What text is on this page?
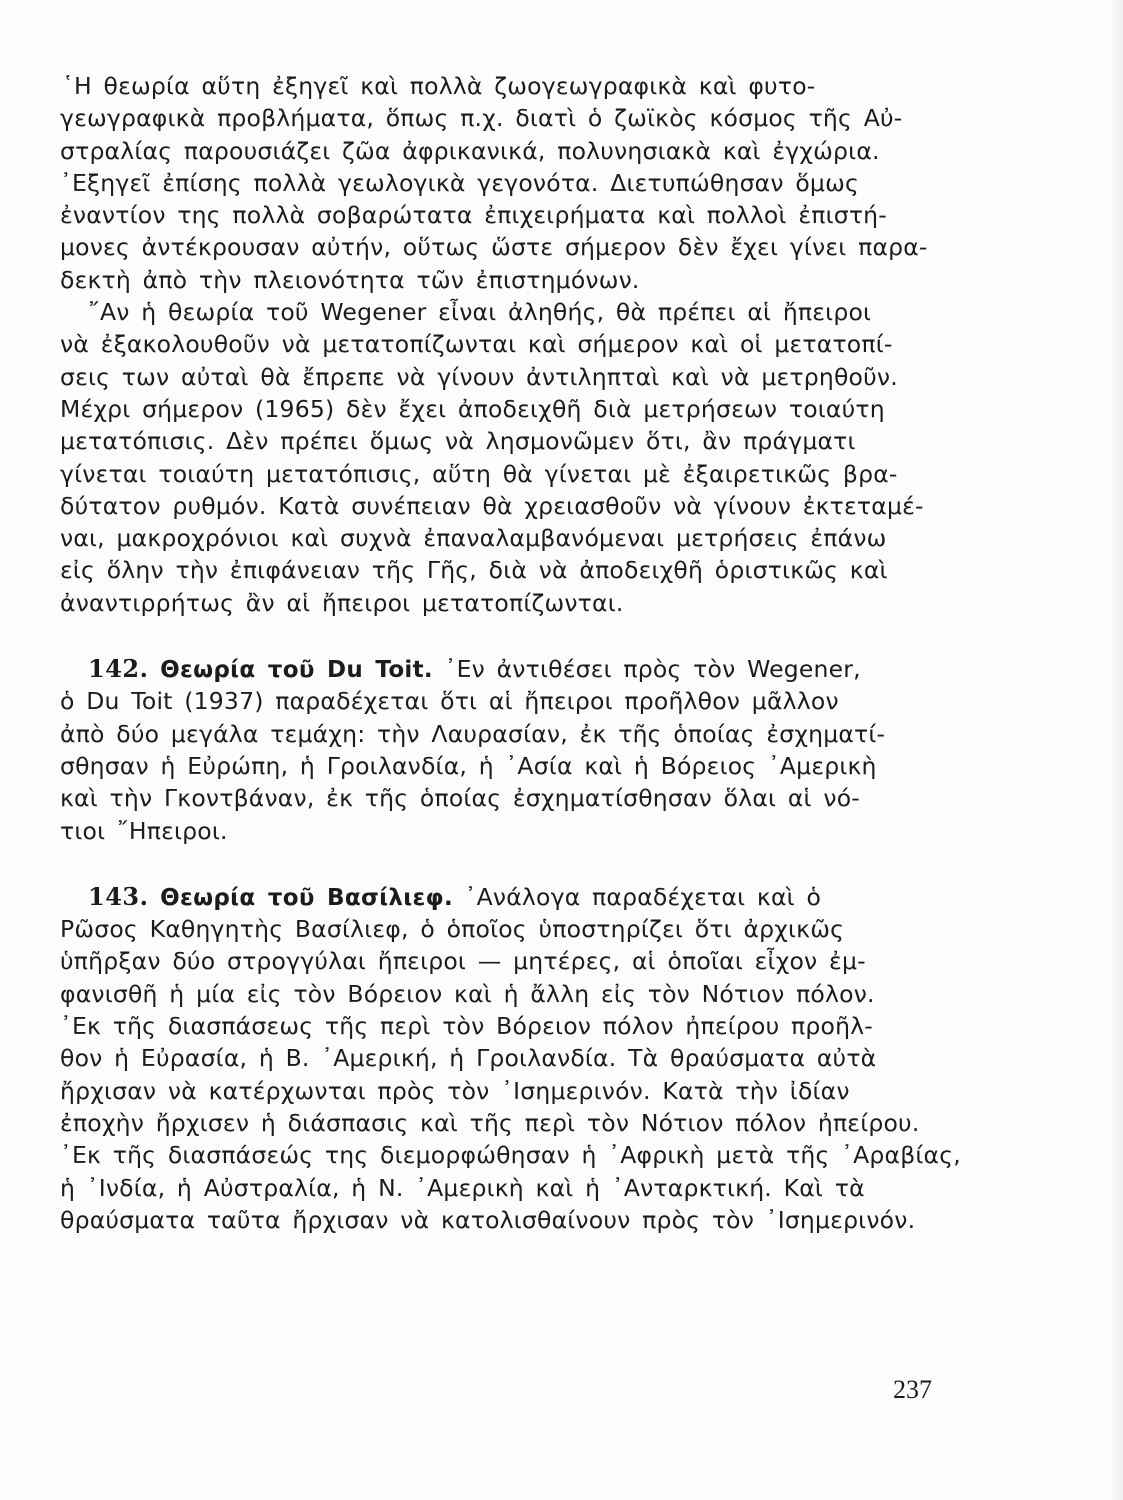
῾Η θεωρία αὕτη ἐξηγεῖ καὶ πολλὰ ζωογεωγραφικὰ καὶ φυτο-
γεωγραφικὰ προβλήματα, ὅπως π.χ. διατὶ ὁ ζωϊκὸς κόσμος τῆς Αὐ-
στραλίας παρουσιάζει ζῶα ἀφρικανικά, πολυνησιακὰ καὶ ἐγχώρια.
᾿Εξηγεῖ ἐπίσης πολλὰ γεωλογικὰ γεγονότα. Διετυπώθησαν ὅμως
ἐναντίον της πολλὰ σοβαρώτατα ἐπιχειρήματα καὶ πολλοὶ ἐπιστή-
μονες ἀντέκρουσαν αὐτήν, οὕτως ὥστε σήμερον δὲν ἔχει γίνει παρα-
δεκτὴ ἀπὸ τὴν πλειονότητα τῶν ἐπιστημόνων.
῎Αν ἡ θεωρία τοῦ Wegener εἶναι ἀληθής, θὰ πρέπει αἱ ἤπειροι
νὰ ἐξακολουθοῦν νὰ μετατοπίζωνται καὶ σήμερον καὶ οἱ μετατοπί-
σεις των αὐταὶ θὰ ἔπρεπε νὰ γίνουν ἀντιληπταὶ καὶ νὰ μετρηθοῦν.
Μέχρι σήμερον (1965) δὲν ἔχει ἀποδειχθῆ διὰ μετρήσεων τοιαύτη
μετατόπισις. Δὲν πρέπει ὅμως νὰ λησμονῶμεν ὅτι, ἂν πράγματι
γίνεται τοιαύτη μετατόπισις, αὕτη θὰ γίνεται μὲ ἐξαιρετικῶς βρα-
δύτατον ρυθμόν. Κατὰ συνέπειαν θὰ χρειασθοῦν νὰ γίνουν ἐκτεταμέ-
ναι, μακροχρόνιοι καὶ συχνὰ ἐπαναλαμβανόμεναι μετρήσεις ἐπάνω
εἰς ὅλην τὴν ἐπιφάνειαν τῆς Γῆς, διὰ νὰ ἀποδειχθῆ ὁριστικῶς καὶ
ἀναντιρρήτως ἂν αἱ ἤπειροι μετατοπίζωνται.
142. Θεωρία τοῦ Du Toit. ᾿Εν ἀντιθέσει πρὸς τὸν Wegener,
ὁ Du Toit (1937) παραδέχεται ὅτι αἱ ἤπειροι προῆλθον μᾶλλον
ἀπὸ δύο μεγάλα τεμάχη: τὴν Λαυρασίαν, ἐκ τῆς ὁποίας ἐσχηματί-
σθησαν ἡ Εὐρώπη, ἡ Γροιλανδία, ἡ ᾿Ασία καὶ ἡ Βόρειος ᾿Αμερικὴ
καὶ τὴν Γκοντβάναν, ἐκ τῆς ὁποίας ἐσχηματίσθησαν ὅλαι αἱ νό-
τιοι ῎Ηπειροι.
143. Θεωρία τοῦ Βασίλιεφ. ᾿Ανάλογα παραδέχεται καὶ ὁ
Ρῶσος Καθηγητὴς Βασίλιεφ, ὁ ὁποῖος ὑποστηρίζει ὅτι ἀρχικῶς
ὑπῆρξαν δύο στρογγύλαι ἤπειροι — μητέρες, αἱ ὁποῖαι εἶχον ἐμ-
φανισθῆ ἡ μία εἰς τὸν Βόρειον καὶ ἡ ἄλλη εἰς τὸν Νότιον πόλον.
᾿Εκ τῆς διασπάσεως τῆς περὶ τὸν Βόρειον πόλον ἠπείρου προῆλ-
θον ἡ Εὐρασία, ἡ Β. ᾿Αμερική, ἡ Γροιλανδία. Τὰ θραύσματα αὐτὰ
ἤρχισαν νὰ κατέρχωνται πρὸς τὸν ᾿Ισημερινόν. Κατὰ τὴν ἰδίαν
ἐποχὴν ἤρχισεν ἡ διάσπασις καὶ τῆς περὶ τὸν Νότιον πόλον ἠπείρου.
᾿Εκ τῆς διασπάσεώς της διεμορφώθησαν ἡ ᾿Αφρικὴ μετὰ τῆς ᾿Αραβίας,
ἡ ᾿Ινδία, ἡ Αὐστραλία, ἡ Ν. ᾿Αμερικὴ καὶ ἡ ᾿Ανταρκτική. Καὶ τὰ
θραύσματα ταῦτα ἤρχισαν νὰ κατολισθαίνουν πρὸς τὸν ᾿Ισημερινόν.
237
